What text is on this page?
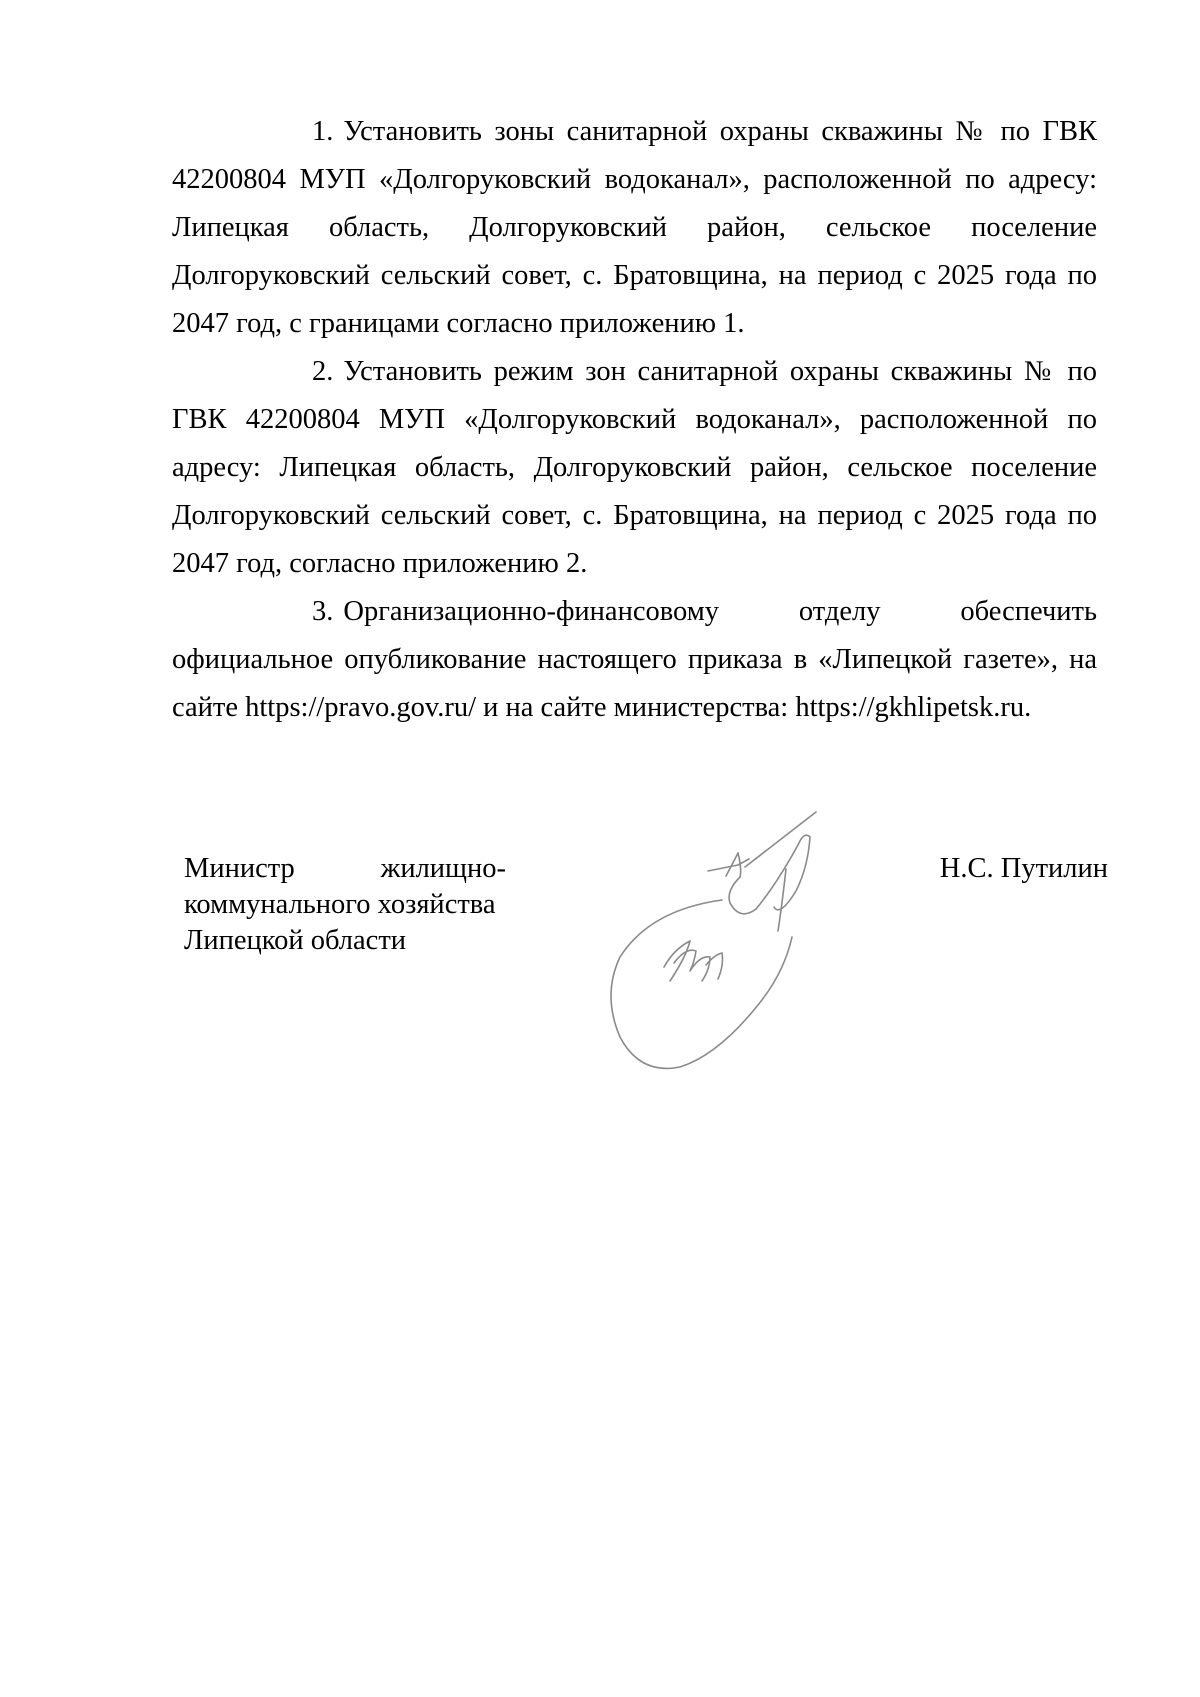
1. Установить зоны санитарной охраны скважины № по ГВК 42200804 МУП «Долгоруковский водоканал», расположенной по адресу: Липецкая область, Долгоруковский район, сельское поселение Долгоруковский сельский совет, с. Братовщина, на период с 2025 года по 2047 год, с границами согласно приложению 1.

2. Установить режим зон санитарной охраны скважины № по ГВК 42200804 МУП «Долгоруковский водоканал», расположенной по адресу: Липецкая область, Долгоруковский район, сельское поселение Долгоруковский сельский совет, с. Братовщина, на период с 2025 года по 2047 год, согласно приложению 2.

3. Организационно-финансовому отделу обеспечить официальное опубликование настоящего приказа в «Липецкой газете», на сайте https://pravo.gov.ru/ и на сайте министерства: https://gkhlipetsk.ru.

Министр жилищно-
коммунального хозяйства
Липецкой области
Н.С. Путилин
